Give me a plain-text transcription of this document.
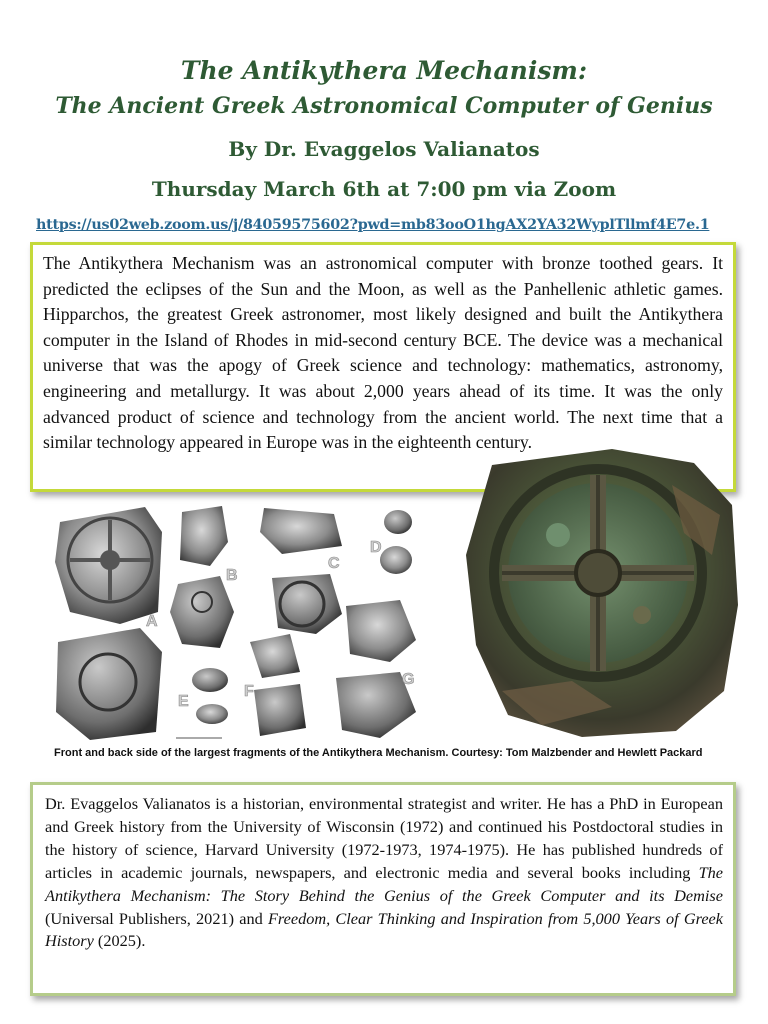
The Antikythera Mechanism:
The Ancient Greek Astronomical Computer of Genius
By Dr. Evaggelos Valianatos
Thursday March 6th at 7:00 pm via Zoom
https://us02web.zoom.us/j/84059575602?pwd=mb83ooO1hgAX2YA32WyplTllmf4E7e.1
The Antikythera Mechanism was an astronomical computer with bronze toothed gears. It predicted the eclipses of the Sun and the Moon, as well as the Panhellenic athletic games. Hipparchos, the greatest Greek astronomer, most likely designed and built the Antikythera computer in the Island of Rhodes in mid-second century BCE. The device was a mechanical universe that was the apogy of Greek science and technology: mathematics, astronomy, engineering and metallurgy. It was about 2,000 years ahead of its time. It was the only advanced product of science and technology from the ancient world. The next time that a similar technology appeared in Europe was in the eighteenth century.
A
B
C
D
E
F
G
Front and back side of the largest fragments of the Antikythera Mechanism. Courtesy: Tom Malzbender and Hewlett Packard
Dr. Evaggelos Valianatos is a historian, environmental strategist and writer. He has a PhD in European and Greek history from the University of Wisconsin (1972) and continued his Postdoctoral studies in the history of science, Harvard University (1972-1973, 1974-1975). He has published hundreds of articles in academic journals, newspapers, and electronic media and several books including The Antikythera Mechanism: The Story Behind the Genius of the Greek Computer and its Demise (Universal Publishers, 2021) and Freedom, Clear Thinking and Inspiration from 5,000 Years of Greek History (2025).
